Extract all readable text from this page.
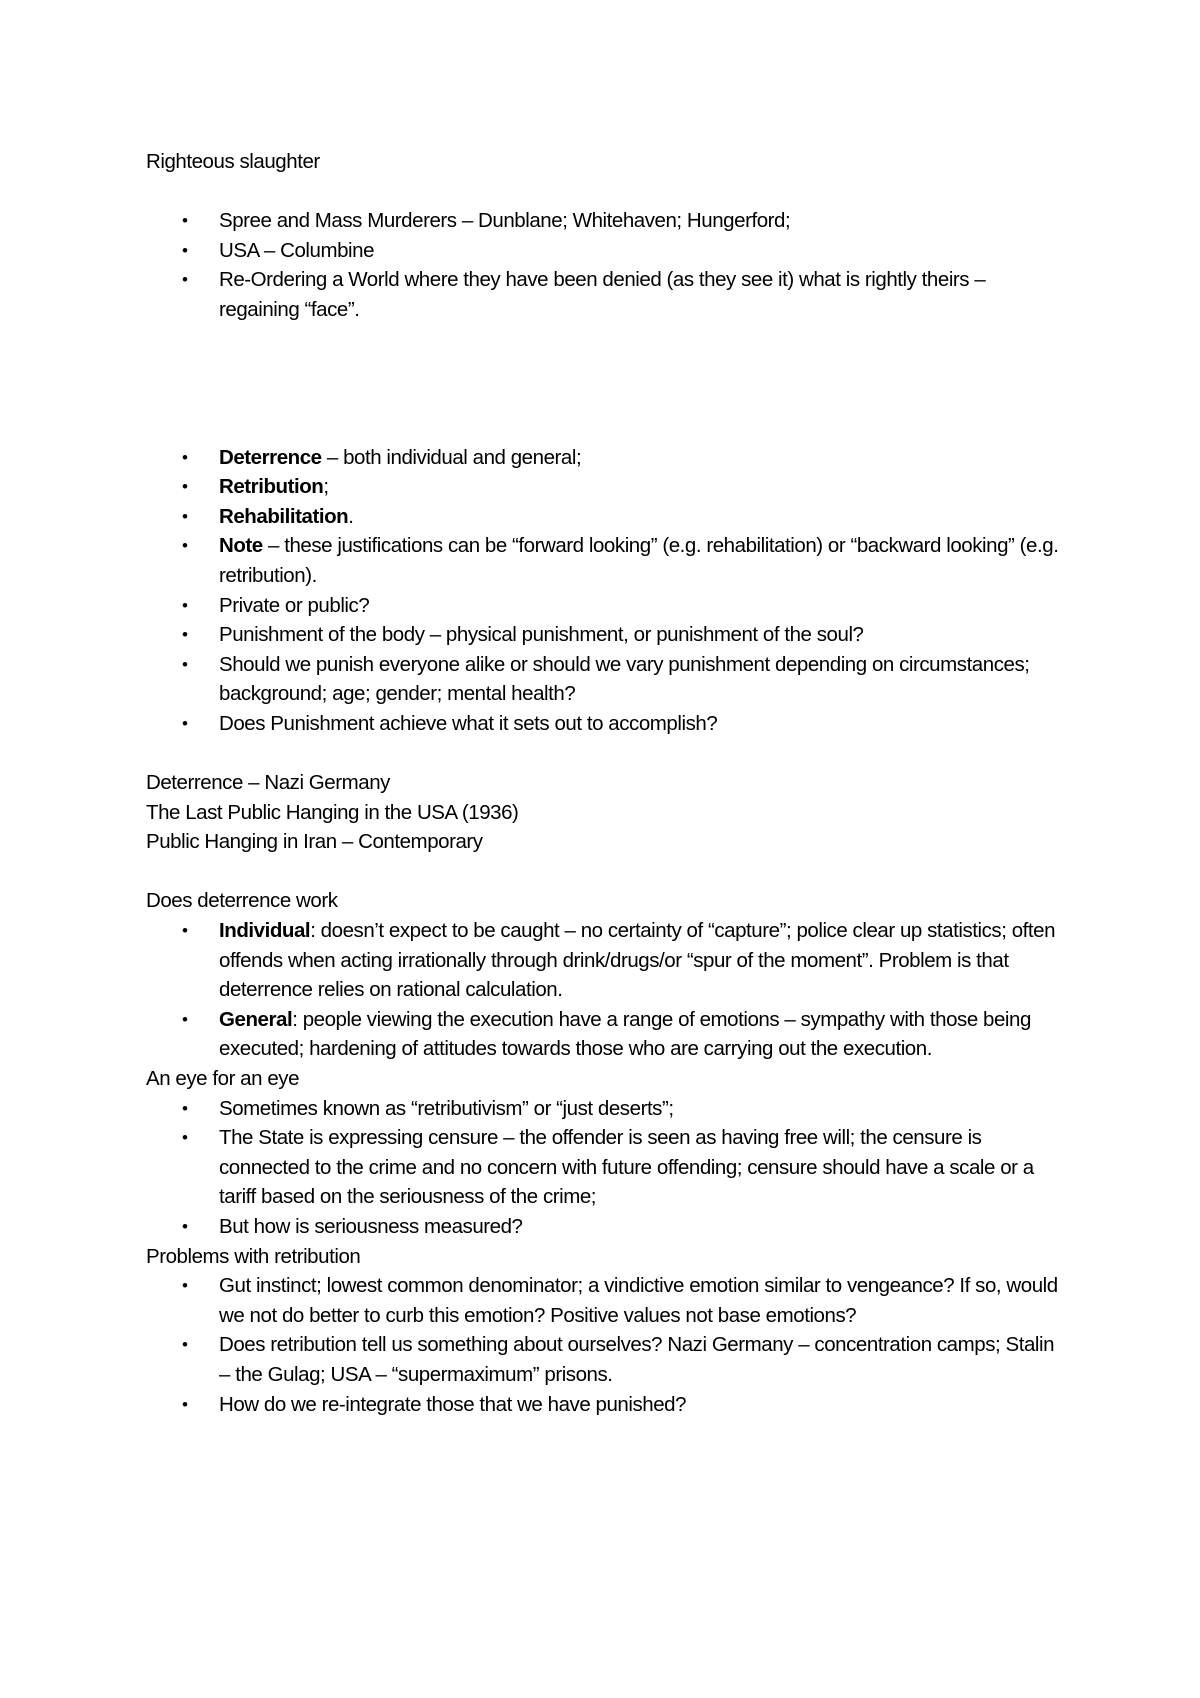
Righteous slaughter

• Spree and Mass Murderers – Dunblane; Whitehaven; Hungerford;
• USA – Columbine
• Re-Ordering a World where they have been denied (as they see it) what is rightly theirs – regaining “face”.
• Deterrence – both individual and general;
• Retribution;
• Rehabilitation.
• Note – these justifications can be “forward looking” (e.g. rehabilitation) or “backward looking” (e.g. retribution).
• Private or public?
• Punishment of the body – physical punishment, or punishment of the soul?
• Should we punish everyone alike or should we vary punishment depending on circumstances; background; age; gender; mental health?
• Does Punishment achieve what it sets out to accomplish?

Deterrence – Nazi Germany

The Last Public Hanging in the USA (1936)

Public Hanging in Iran – Contemporary

Does deterrence work

• Individual: doesn’t expect to be caught – no certainty of “capture”; police clear up statistics; often offends when acting irrationally through drink/drugs/or “spur of the moment”. Problem is that deterrence relies on rational calculation.
• General: people viewing the execution have a range of emotions – sympathy with those being executed; hardening of attitudes towards those who are carrying out the execution.

An eye for an eye

• Sometimes known as “retributivism” or “just deserts”;
• The State is expressing censure – the offender is seen as having free will; the censure is connected to the crime and no concern with future offending; censure should have a scale or a tariff based on the seriousness of the crime;
• But how is seriousness measured?

Problems with retribution

• Gut instinct; lowest common denominator; a vindictive emotion similar to vengeance? If so, would we not do better to curb this emotion? Positive values not base emotions?
• Does retribution tell us something about ourselves? Nazi Germany – concentration camps; Stalin – the Gulag; USA – “supermaximum” prisons.
• How do we re-integrate those that we have punished?
